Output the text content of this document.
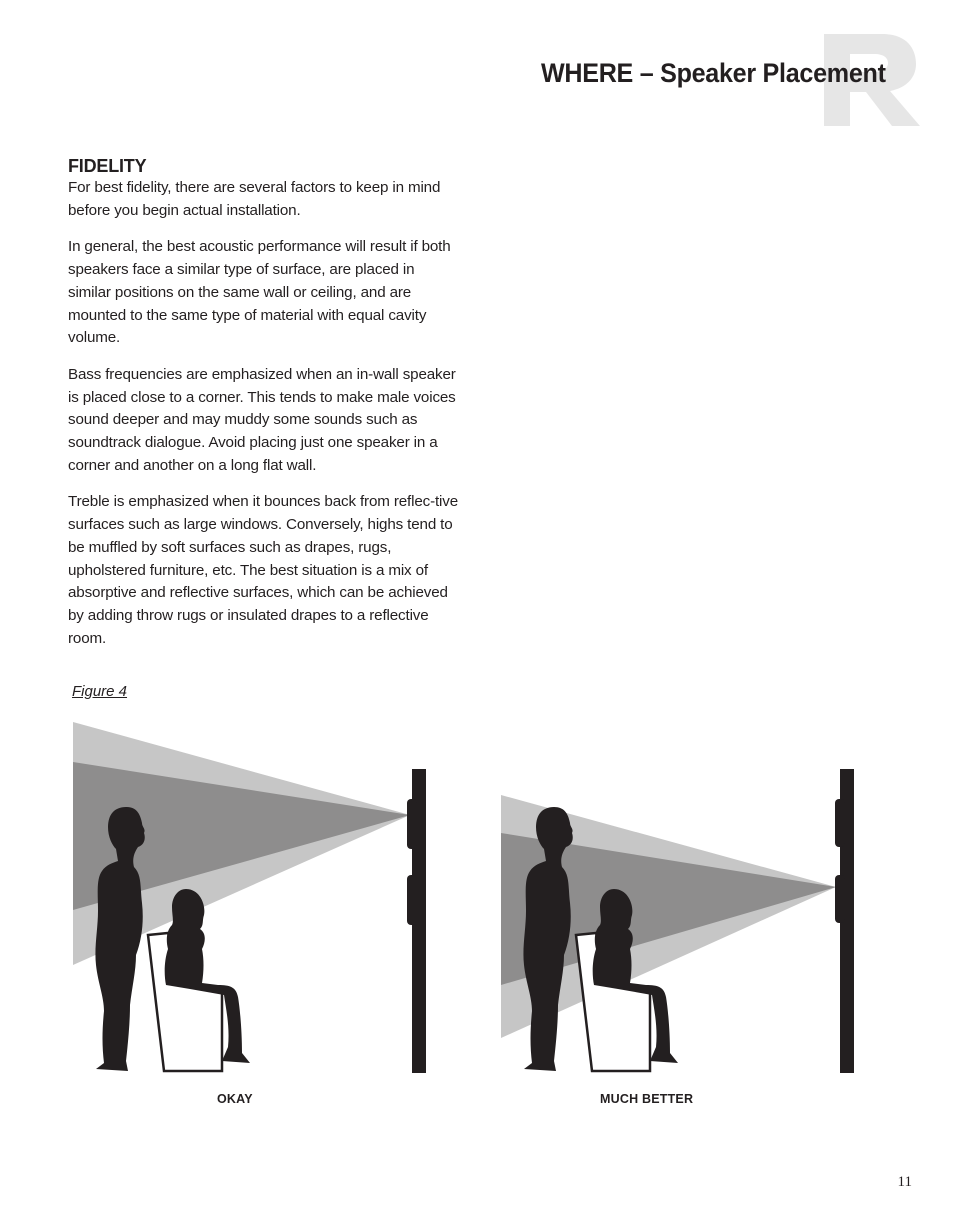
WHERE – Speaker Placement
FIDELITY

For best fidelity, there are several factors to keep in mind before you begin actual installation.

In general, the best acoustic performance will result if both speakers face a similar type of surface, are placed in similar positions on the same wall or ceiling, and are mounted to the same type of material with equal cavity volume.

Bass frequencies are emphasized when an in-wall speaker is placed close to a corner. This tends to make male voices sound deeper and may muddy some sounds such as soundtrack dialogue. Avoid placing just one speaker in a corner and another on a long flat wall.

Treble is emphasized when it bounces back from reflec-tive surfaces such as large windows. Conversely, highs tend to be muffled by soft surfaces such as drapes, rugs, upholstered furniture, etc. The best situation is a mix of absorptive and reflective surfaces, which can be achieved by adding throw rugs or insulated drapes to a reflective room.

Figure 4
OKAY	MUCH BETTER
11
